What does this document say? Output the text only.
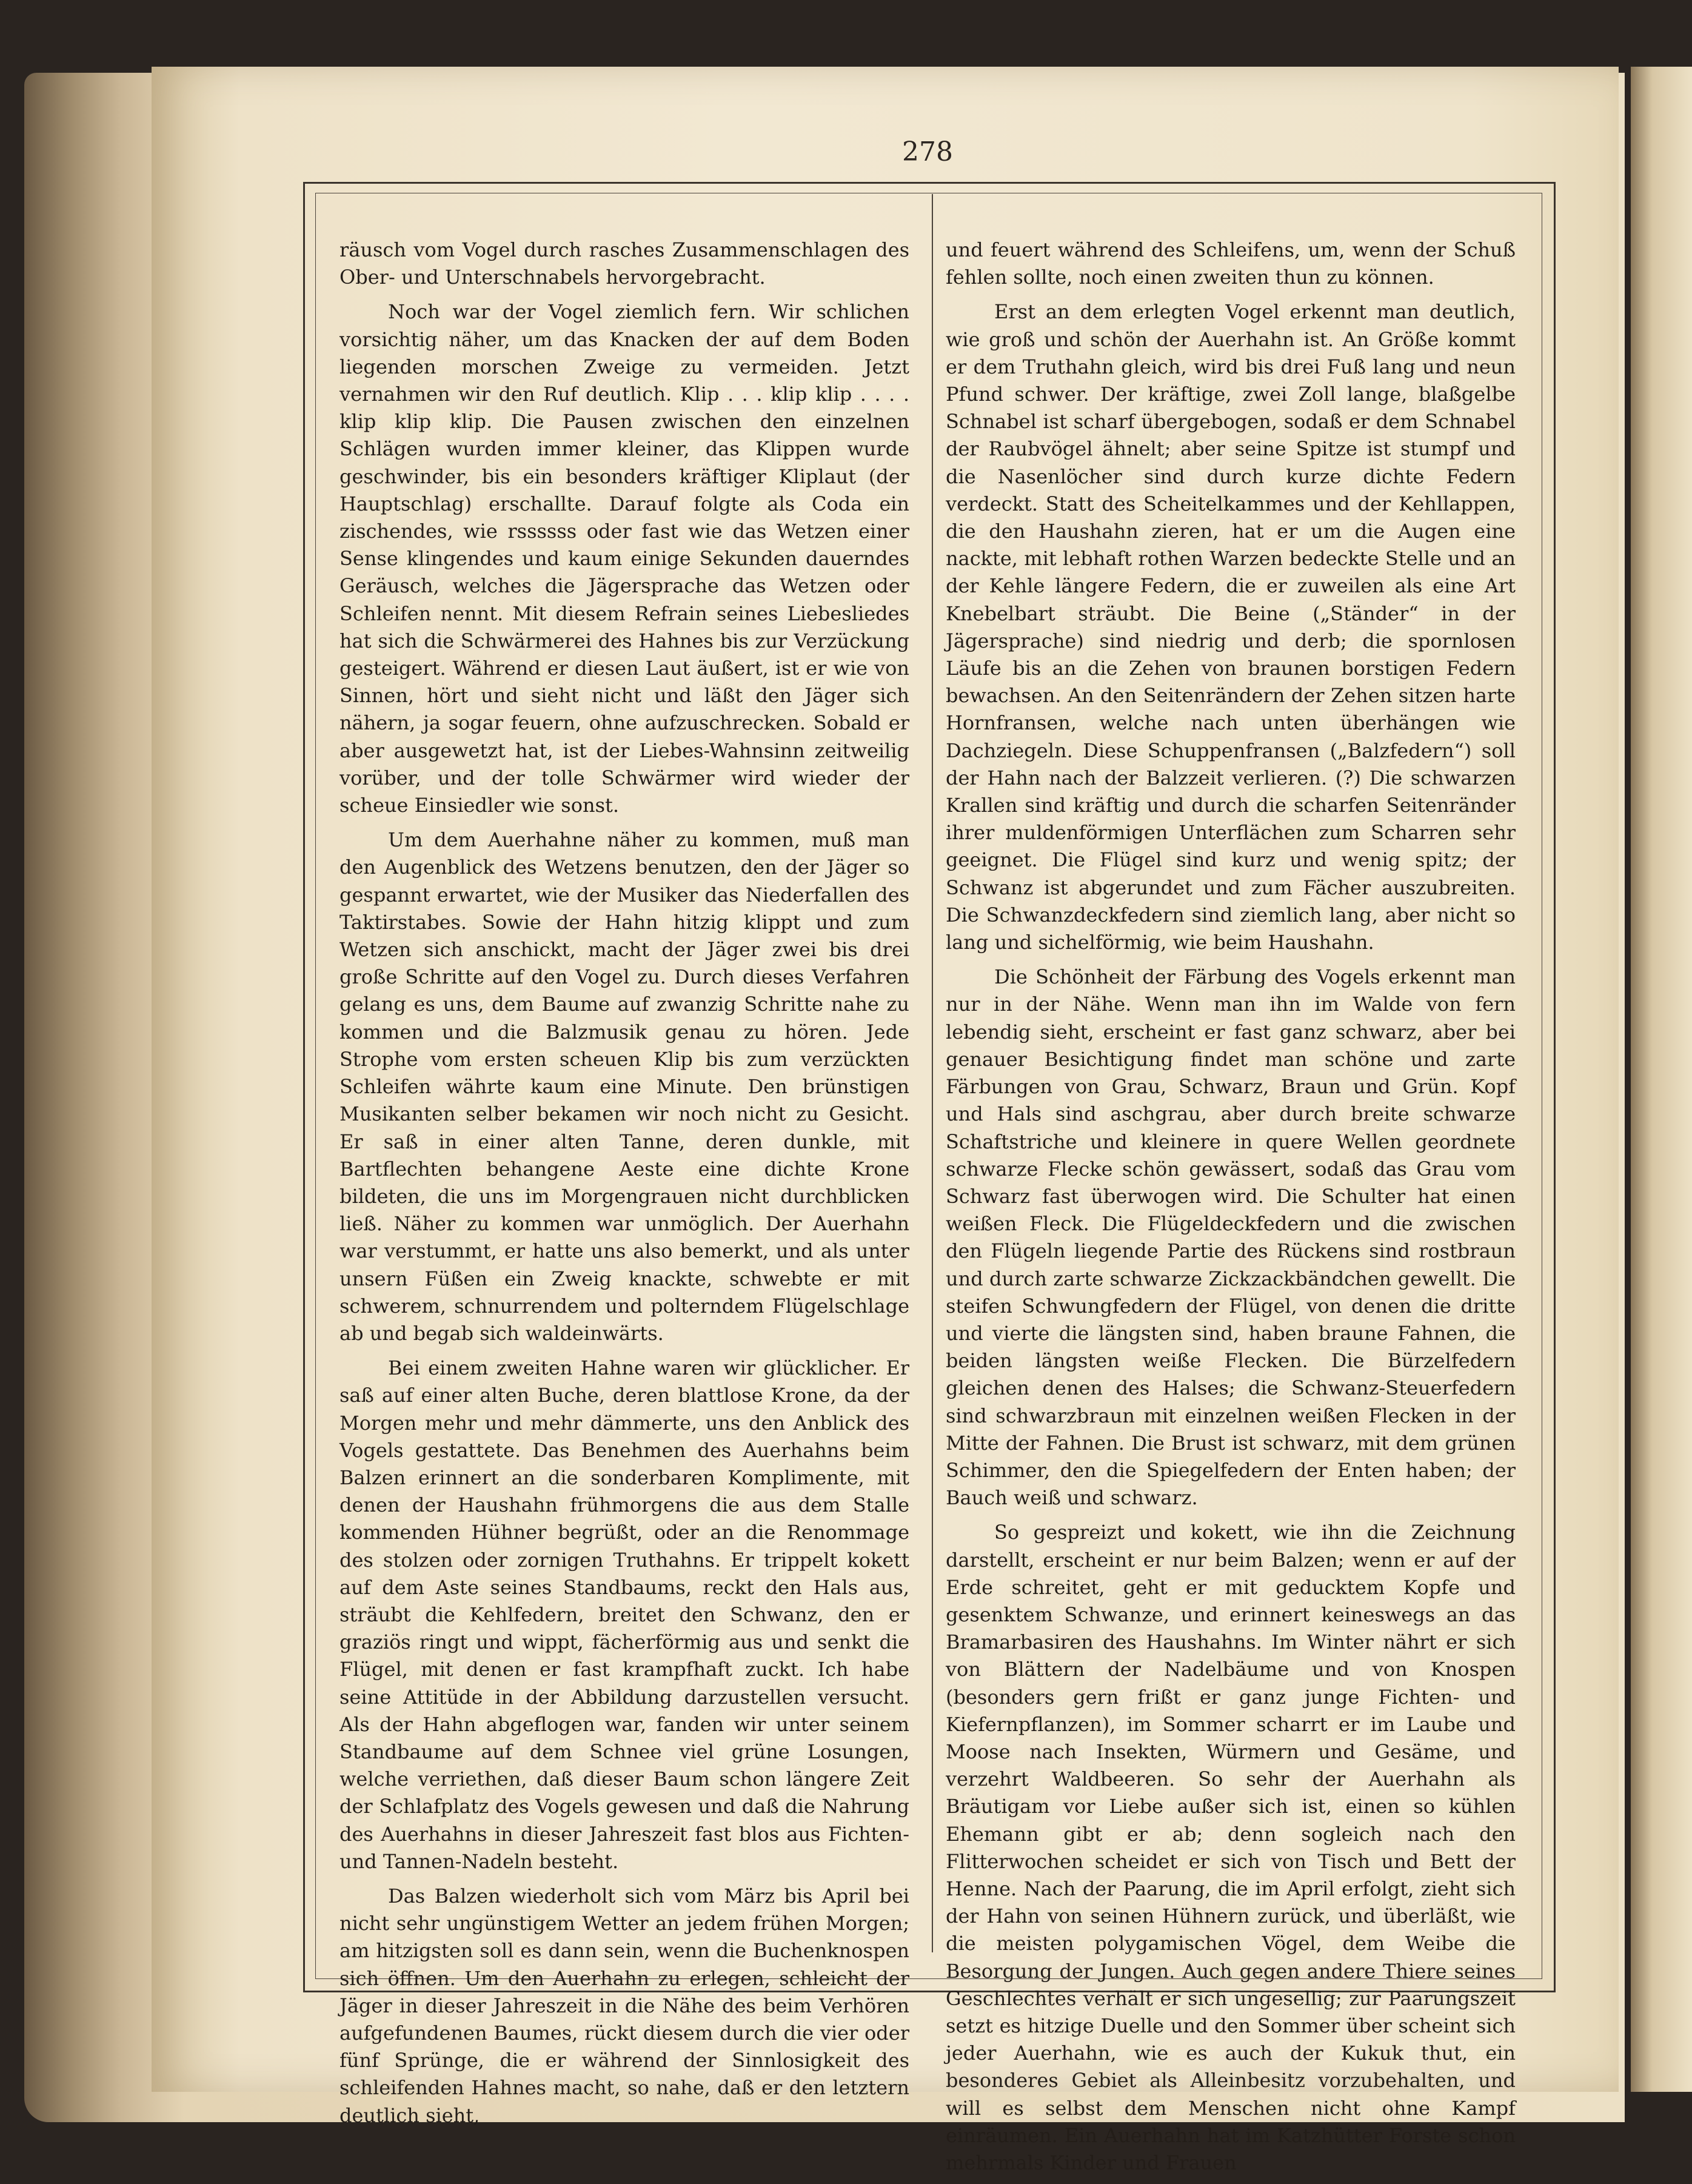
278

räusch vom Vogel durch rasches Zusammenschlagen des Ober- und Unterschnabels hervorgebracht.

Noch war der Vogel ziemlich fern. Wir schlichen vorsichtig näher, um das Knacken der auf dem Boden liegenden morschen Zweige zu vermeiden. Jetzt vernahmen wir den Ruf deutlich. Klip . . . klip klip . . . . klip klip klip. Die Pausen zwischen den einzelnen Schlägen wurden immer kleiner, das Klippen wurde geschwinder, bis ein besonders kräftiger Kliplaut (der Hauptschlag) erschallte. Darauf folgte als Coda ein zischendes, wie rssssss oder fast wie das Wetzen einer Sense klingendes und kaum einige Sekunden dauerndes Geräusch, welches die Jägersprache das Wetzen oder Schleifen nennt. Mit diesem Refrain seines Liebesliedes hat sich die Schwärmerei des Hahnes bis zur Verzückung gesteigert. Während er diesen Laut äußert, ist er wie von Sinnen, hört und sieht nicht und läßt den Jäger sich nähern, ja sogar feuern, ohne aufzuschrecken. Sobald er aber ausgewetzt hat, ist der Liebes-Wahnsinn zeitweilig vorüber, und der tolle Schwärmer wird wieder der scheue Einsiedler wie sonst.

Um dem Auerhahne näher zu kommen, muß man den Augenblick des Wetzens benutzen, den der Jäger so gespannt erwartet, wie der Musiker das Niederfallen des Taktirstabes. Sowie der Hahn hitzig klippt und zum Wetzen sich anschickt, macht der Jäger zwei bis drei große Schritte auf den Vogel zu. Durch dieses Verfahren gelang es uns, dem Baume auf zwanzig Schritte nahe zu kommen und die Balzmusik genau zu hören. Jede Strophe vom ersten scheuen Klip bis zum verzückten Schleifen währte kaum eine Minute. Den brünstigen Musikanten selber bekamen wir noch nicht zu Gesicht. Er saß in einer alten Tanne, deren dunkle, mit Bartflechten behangene Aeste eine dichte Krone bildeten, die uns im Morgengrauen nicht durchblicken ließ. Näher zu kommen war unmöglich. Der Auerhahn war verstummt, er hatte uns also bemerkt, und als unter unsern Füßen ein Zweig knackte, schwebte er mit schwerem, schnurrendem und polterndem Flügelschlage ab und begab sich waldeinwärts.

Bei einem zweiten Hahne waren wir glücklicher. Er saß auf einer alten Buche, deren blattlose Krone, da der Morgen mehr und mehr dämmerte, uns den Anblick des Vogels gestattete. Das Benehmen des Auerhahns beim Balzen erinnert an die sonderbaren Komplimente, mit denen der Haushahn frühmorgens die aus dem Stalle kommenden Hühner begrüßt, oder an die Renommage des stolzen oder zornigen Truthahns. Er trippelt kokett auf dem Aste seines Standbaums, reckt den Hals aus, sträubt die Kehlfedern, breitet den Schwanz, den er graziös ringt und wippt, fächerförmig aus und senkt die Flügel, mit denen er fast krampfhaft zuckt. Ich habe seine Attitüde in der Abbildung darzustellen versucht. Als der Hahn abgeflogen war, fanden wir unter seinem Standbaume auf dem Schnee viel grüne Losungen, welche verriethen, daß dieser Baum schon längere Zeit der Schlafplatz des Vogels gewesen und daß die Nahrung des Auerhahns in dieser Jahreszeit fast blos aus Fichten- und Tannen-Nadeln besteht.

Das Balzen wiederholt sich vom März bis April bei nicht sehr ungünstigem Wetter an jedem frühen Morgen; am hitzigsten soll es dann sein, wenn die Buchenknospen sich öffnen. Um den Auerhahn zu erlegen, schleicht der Jäger in dieser Jahreszeit in die Nähe des beim Verhören aufgefundenen Baumes, rückt diesem durch die vier oder fünf Sprünge, die er während der Sinnlosigkeit des schleifenden Hahnes macht, so nahe, daß er den letztern deutlich sieht,

und feuert während des Schleifens, um, wenn der Schuß fehlen sollte, noch einen zweiten thun zu können.

Erst an dem erlegten Vogel erkennt man deutlich, wie groß und schön der Auerhahn ist. An Größe kommt er dem Truthahn gleich, wird bis drei Fuß lang und neun Pfund schwer. Der kräftige, zwei Zoll lange, blaßgelbe Schnabel ist scharf übergebogen, sodaß er dem Schnabel der Raubvögel ähnelt; aber seine Spitze ist stumpf und die Nasenlöcher sind durch kurze dichte Federn verdeckt. Statt des Scheitelkammes und der Kehllappen, die den Haushahn zieren, hat er um die Augen eine nackte, mit lebhaft rothen Warzen bedeckte Stelle und an der Kehle längere Federn, die er zuweilen als eine Art Knebelbart sträubt. Die Beine („Ständer“ in der Jägersprache) sind niedrig und derb; die spornlosen Läufe bis an die Zehen von braunen borstigen Federn bewachsen. An den Seitenrändern der Zehen sitzen harte Hornfransen, welche nach unten überhängen wie Dachziegeln. Diese Schuppenfransen („Balzfedern“) soll der Hahn nach der Balzzeit verlieren. (?) Die schwarzen Krallen sind kräftig und durch die scharfen Seitenränder ihrer muldenförmigen Unterflächen zum Scharren sehr geeignet. Die Flügel sind kurz und wenig spitz; der Schwanz ist abgerundet und zum Fächer auszubreiten. Die Schwanzdeckfedern sind ziemlich lang, aber nicht so lang und sichelförmig, wie beim Haushahn.

Die Schönheit der Färbung des Vogels erkennt man nur in der Nähe. Wenn man ihn im Walde von fern lebendig sieht, erscheint er fast ganz schwarz, aber bei genauer Besichtigung findet man schöne und zarte Färbungen von Grau, Schwarz, Braun und Grün. Kopf und Hals sind aschgrau, aber durch breite schwarze Schaftstriche und kleinere in quere Wellen geordnete schwarze Flecke schön gewässert, sodaß das Grau vom Schwarz fast überwogen wird. Die Schulter hat einen weißen Fleck. Die Flügeldeckfedern und die zwischen den Flügeln liegende Partie des Rückens sind rostbraun und durch zarte schwarze Zickzackbändchen gewellt. Die steifen Schwungfedern der Flügel, von denen die dritte und vierte die längsten sind, haben braune Fahnen, die beiden längsten weiße Flecken. Die Bürzelfedern gleichen denen des Halses; die Schwanz-Steuerfedern sind schwarzbraun mit einzelnen weißen Flecken in der Mitte der Fahnen. Die Brust ist schwarz, mit dem grünen Schimmer, den die Spiegelfedern der Enten haben; der Bauch weiß und schwarz.

So gespreizt und kokett, wie ihn die Zeichnung darstellt, erscheint er nur beim Balzen; wenn er auf der Erde schreitet, geht er mit geducktem Kopfe und gesenktem Schwanze, und erinnert keineswegs an das Bramarbasiren des Haushahns. Im Winter nährt er sich von Blättern der Nadelbäume und von Knospen (besonders gern frißt er ganz junge Fichten- und Kiefernpflanzen), im Sommer scharrt er im Laube und Moose nach Insekten, Würmern und Gesäme, und verzehrt Waldbeeren. So sehr der Auerhahn als Bräutigam vor Liebe außer sich ist, einen so kühlen Ehemann gibt er ab; denn sogleich nach den Flitterwochen scheidet er sich von Tisch und Bett der Henne. Nach der Paarung, die im April erfolgt, zieht sich der Hahn von seinen Hühnern zurück, und überläßt, wie die meisten polygamischen Vögel, dem Weibe die Besorgung der Jungen. Auch gegen andere Thiere seines Geschlechtes verhält er sich ungesellig; zur Paarungszeit setzt es hitzige Duelle und den Sommer über scheint sich jeder Auerhahn, wie es auch der Kukuk thut, ein besonderes Gebiet als Alleinbesitz vorzubehalten, und will es selbst dem Menschen nicht ohne Kampf einräumen. Ein Auerhahn hat im Katzhütter Forste schon mehrmals Kinder und Frauen
